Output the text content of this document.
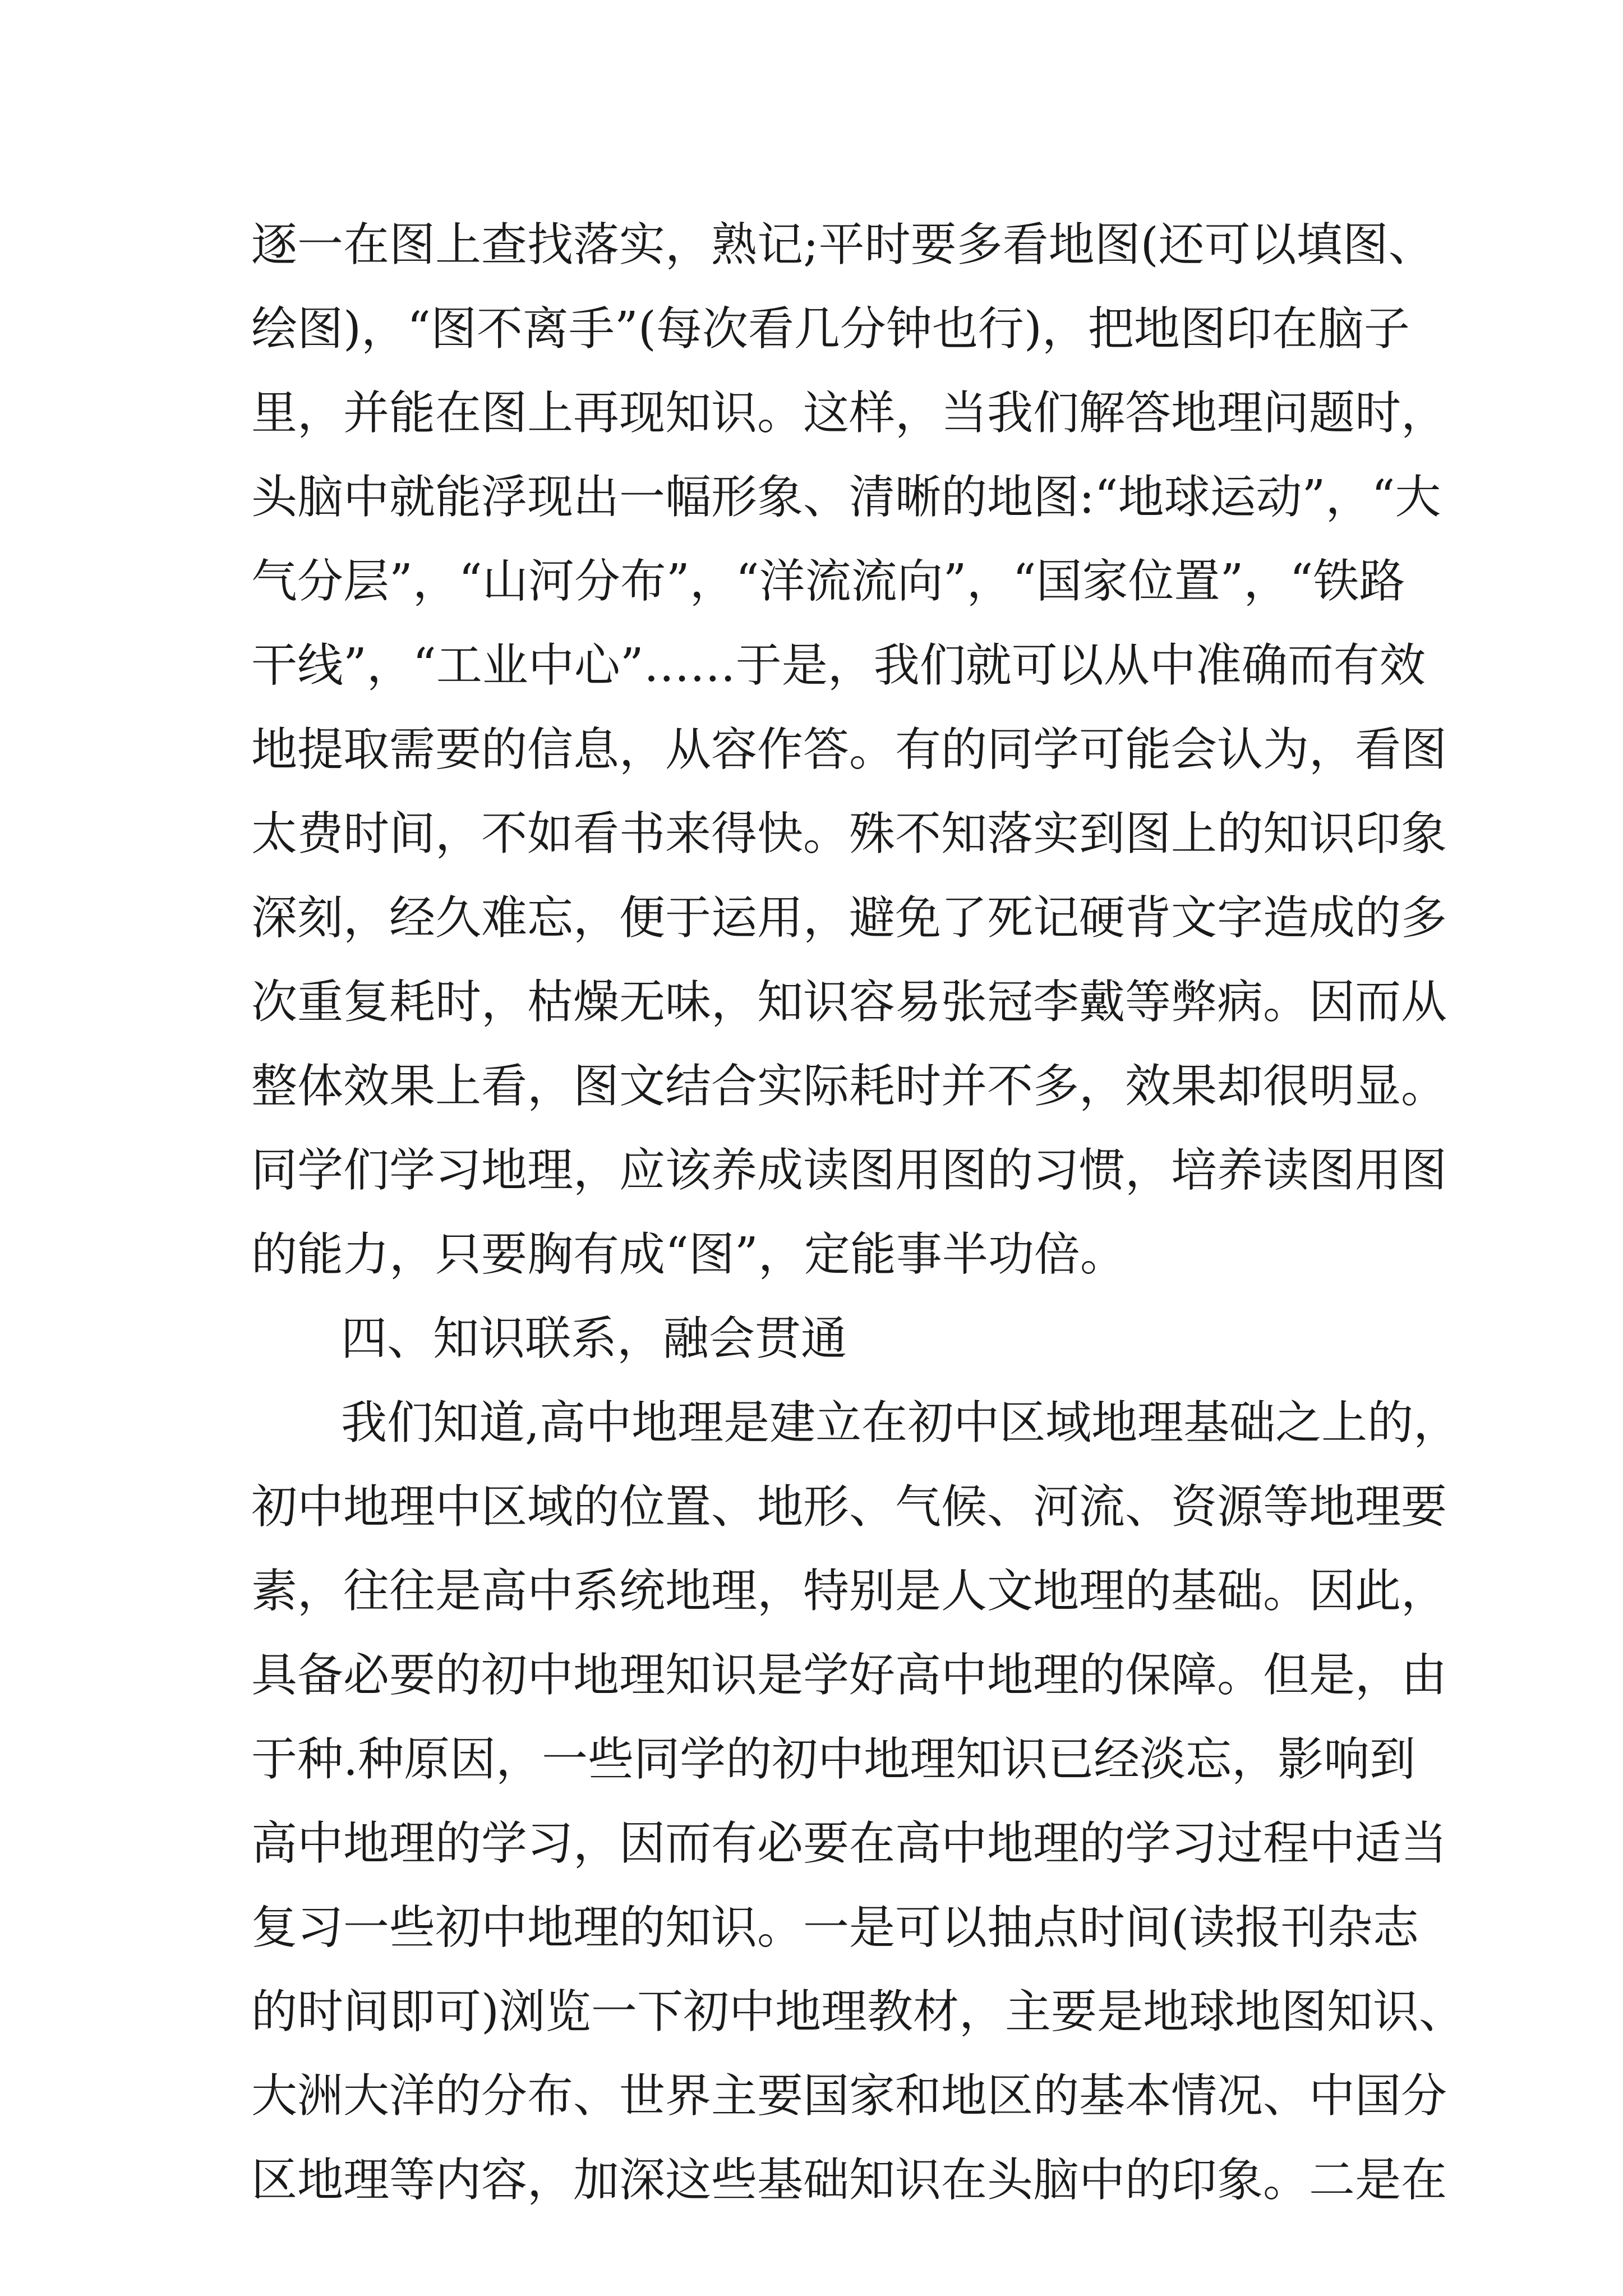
逐一在图上查找落实，熟记;平时要多看地图(还可以填图、
绘图)，“图不离手”(每次看几分钟也行)，把地图印在脑子
里，并能在图上再现知识。这样，当我们解答地理问题时，
头脑中就能浮现出一幅形象、清晰的地图:“地球运动”，“大
气分层”，“山河分布”，“洋流流向”，“国家位置”，“铁路
干线”，“工业中心”……于是，我们就可以从中准确而有效
地提取需要的信息，从容作答。有的同学可能会认为，看图
太费时间，不如看书来得快。殊不知落实到图上的知识印象
深刻，经久难忘，便于运用，避免了死记硬背文字造成的多
次重复耗时，枯燥无味，知识容易张冠李戴等弊病。因而从
整体效果上看，图文结合实际耗时并不多，效果却很明显。
同学们学习地理，应该养成读图用图的习惯，培养读图用图
的能力，只要胸有成“图”，定能事半功倍。
四、知识联系，融会贯通
我们知道,高中地理是建立在初中区域地理基础之上的，
初中地理中区域的位置、地形、气候、河流、资源等地理要
素，往往是高中系统地理，特别是人文地理的基础。因此，
具备必要的初中地理知识是学好高中地理的保障。但是，由
于种.种原因，一些同学的初中地理知识已经淡忘，影响到
高中地理的学习，因而有必要在高中地理的学习过程中适当
复习一些初中地理的知识。一是可以抽点时间(读报刊杂志
的时间即可)浏览一下初中地理教材，主要是地球地图知识、
大洲大洋的分布、世界主要国家和地区的基本情况、中国分
区地理等内容，加深这些基础知识在头脑中的印象。二是在
